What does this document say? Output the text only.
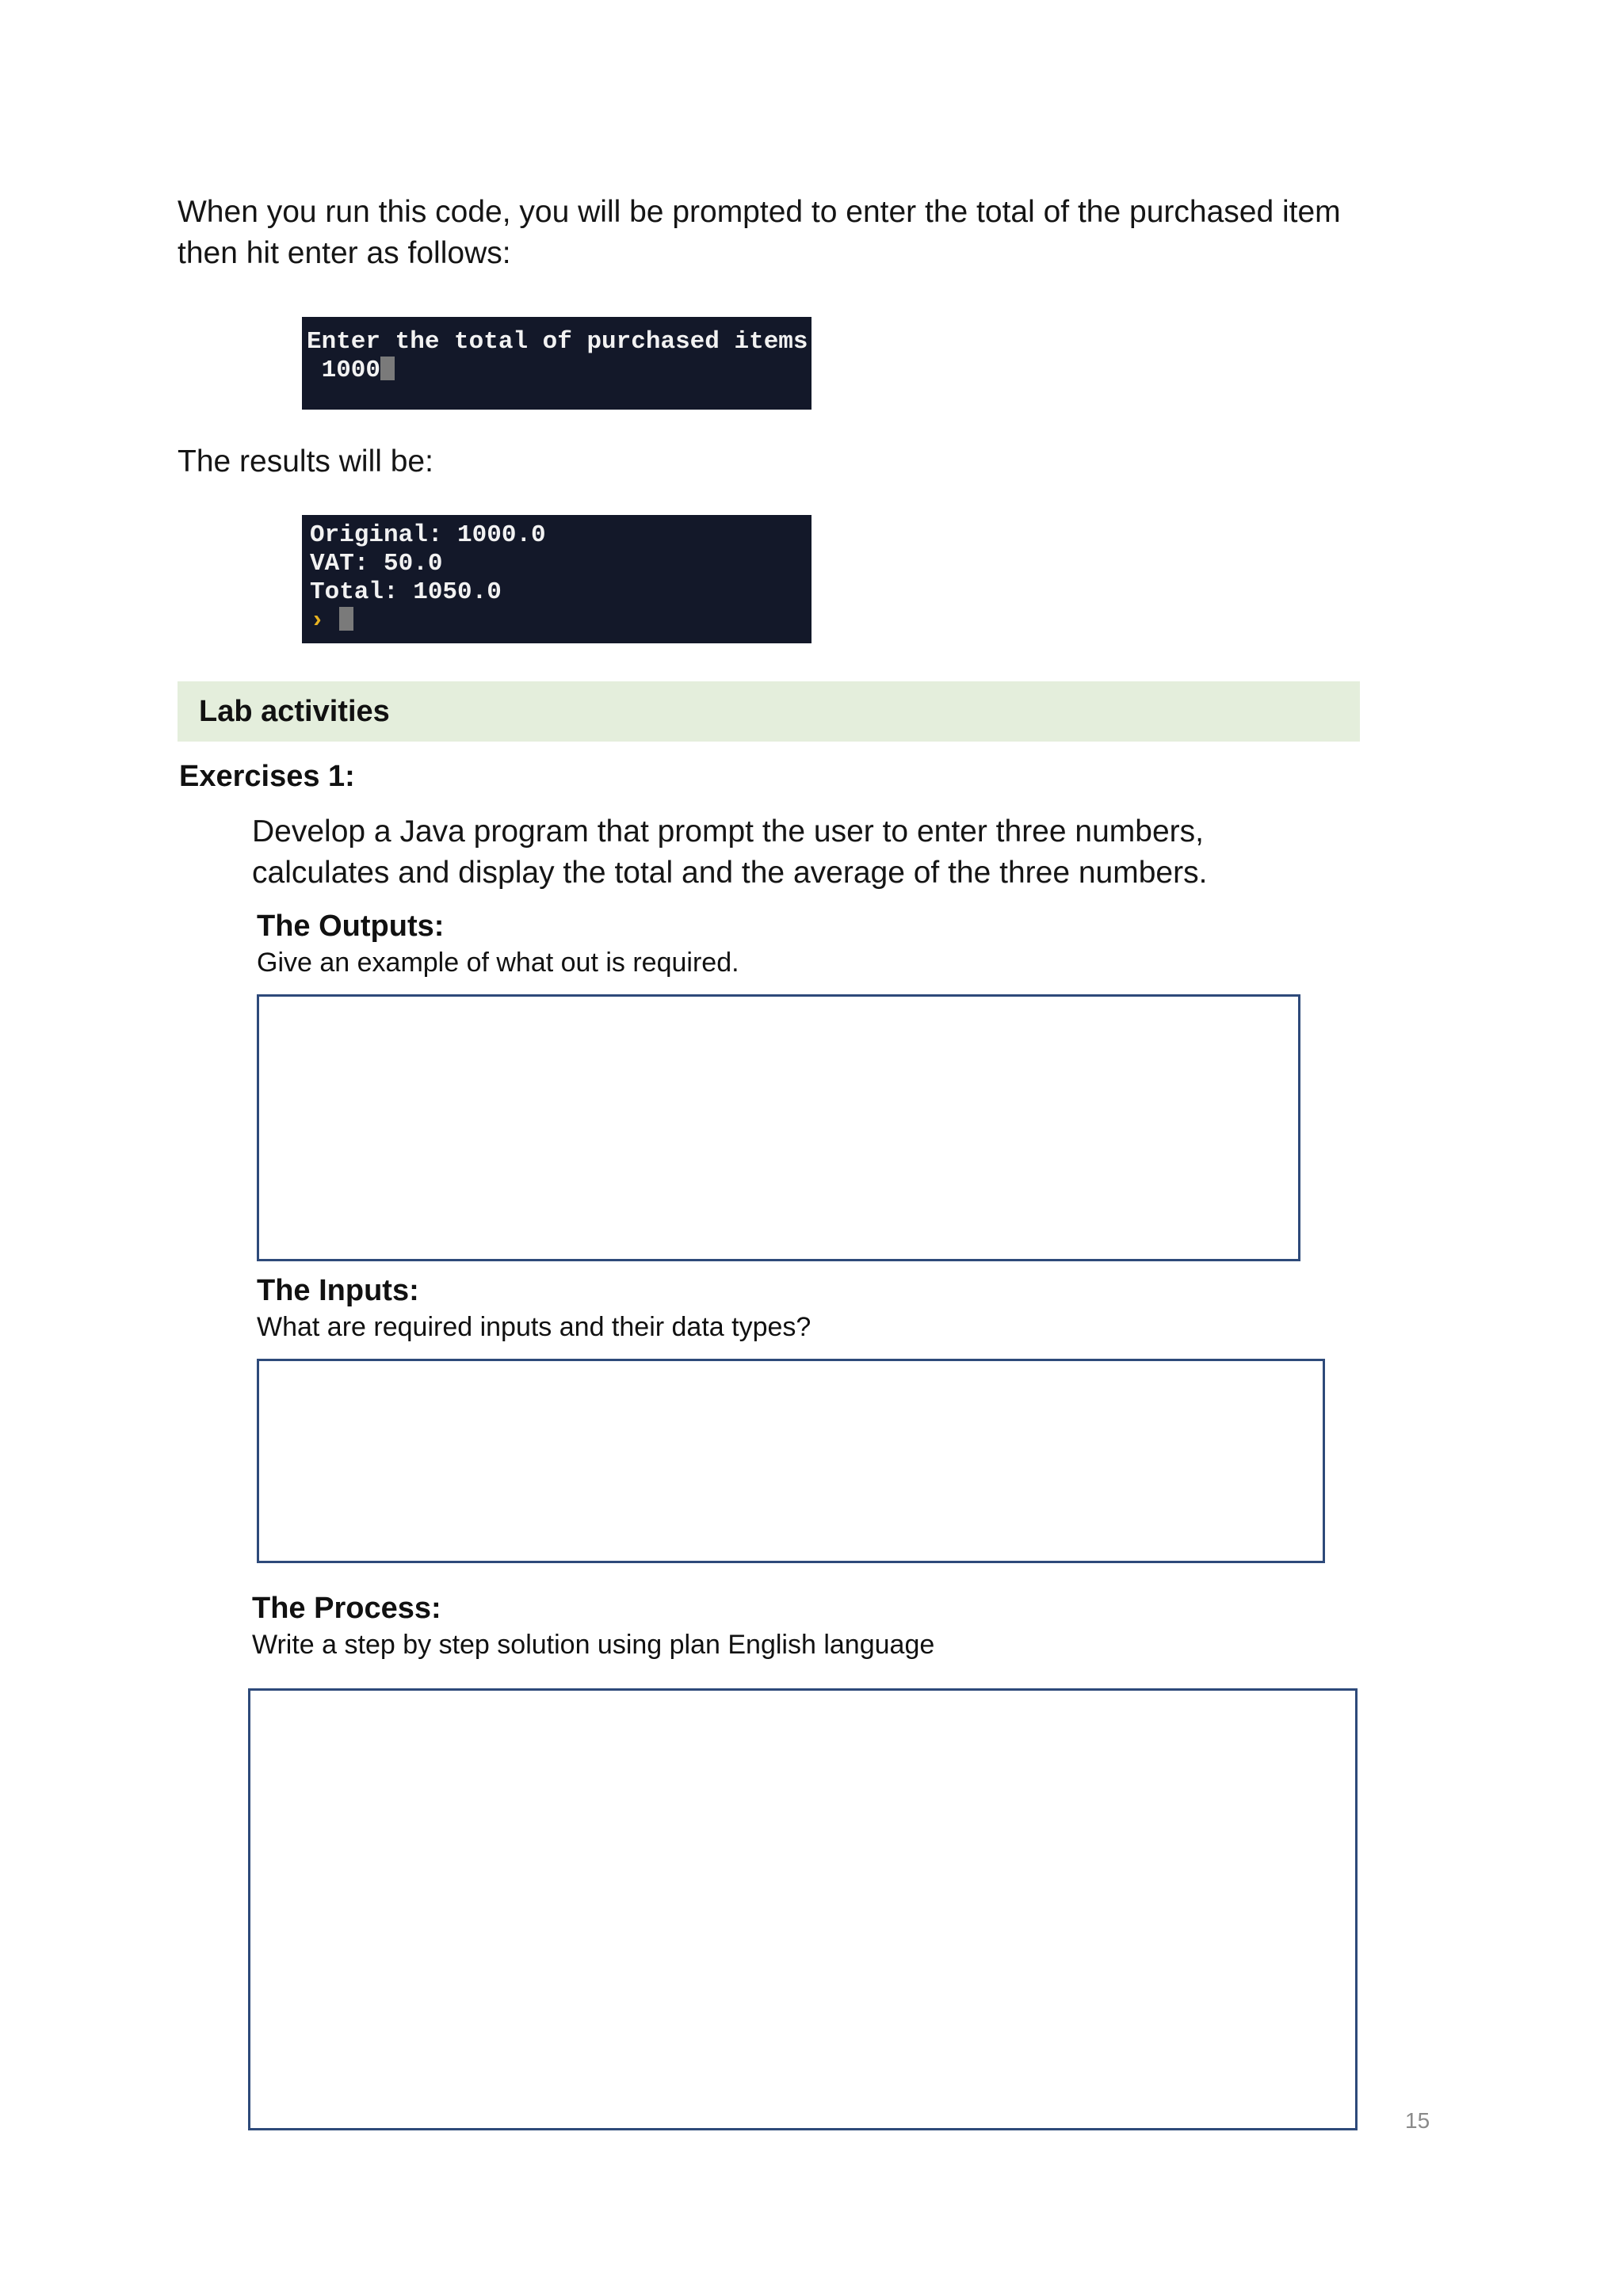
When you run this code, you will be prompted to enter the total of the purchased item
then hit enter as follows:
Enter the total of purchased items
1000
The results will be:
Original: 1000.0
VAT: 50.0
Total: 1050.0
›
Lab activities
Exercises 1:
Develop a Java program that prompt the user to enter three numbers,
calculates and display the total and the average of the three numbers.
The Outputs:
Give an example of what out is required.
The Inputs:
What are required inputs and their data types?
The Process:
Write a step by step solution using plan English language
15
